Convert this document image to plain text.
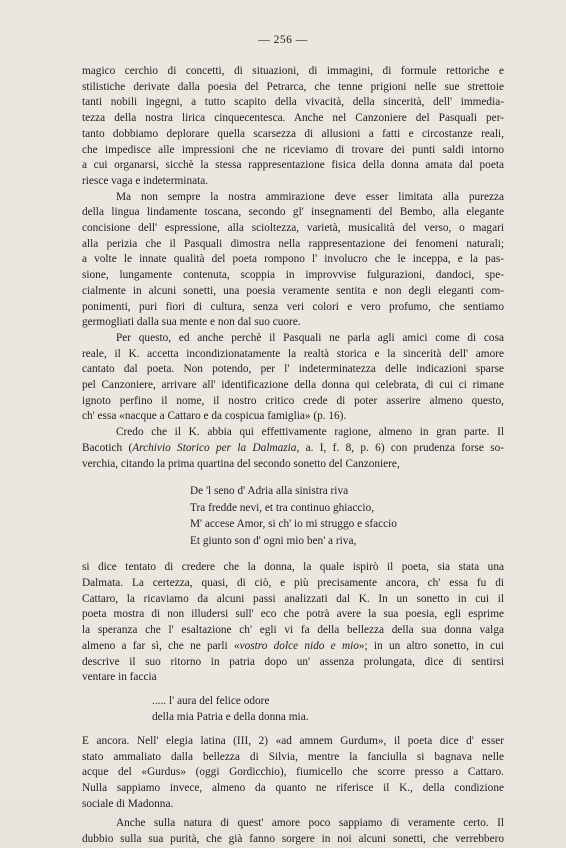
— 256 —

magico cerchio di concetti, di situazioni, di immagini, di formule rettoriche e
stilistiche derivate dalla poesia del Petrarca, che tenne prigioni nelle sue strettoie
tanti nobili ingegni, a tutto scapito della vivacità, della sincerità, dell' immedia-
tezza della nostra lirica cinquecentesca. Anche nel Canzoniere del Pasquali per-
tanto dobbiamo deplorare quella scarsezza di allusioni a fatti e circostanze reali,
che impedisce alle impressioni che ne riceviamo di trovare dei punti saldi intorno
a cui organarsi, sicchè la stessa rappresentazione fisica della donna amata dal poeta
riesce vaga e indeterminata.

Ma non sempre la nostra ammirazione deve esser limitata alla purezza
della lingua lindamente toscana, secondo gl' insegnamenti del Bembo, alla elegante
concisione dell' espressione, alla scioltezza, varietà, musicalità del verso, o magari
alla perizia che il Pasquali dimostra nella rappresentazione dei fenomeni naturali;
a volte le innate qualità del poeta rompono l' involucro che le inceppa, e la pas-
sione, lungamente contenuta, scoppia in improvvise fulgurazioni, dandoci, spe-
cialmente in alcuni sonetti, una poesia veramente sentita e non degli eleganti com-
ponimenti, puri fiori di cultura, senza veri colori e vero profumo, che sentiamo
germogliati dalla sua mente e non dal suo cuore.

Per questo, ed anche perchè il Pasquali ne parla agli amici come di cosa
reale, il K. accetta incondizionatamente la realtà storica e la sincerità dell' amore
cantato dal poeta. Non potendo, per l' indeterminatezza delle indicazioni sparse
pel Canzoniere, arrivare all' identificazione della donna qui celebrata, di cui ci rimane
ignoto perfino il nome, il nostro critico crede di poter asserire almeno questo,
ch' essa «nacque a Cattaro e da cospicua famiglia» (p. 16).

Credo che il K. abbia qui effettivamente ragione, almeno in gran parte. Il
Bacotich (Archivio Storico per la Dalmazia, a. I, f. 8, p. 6) con prudenza forse so-
verchia, citando la prima quartina del secondo sonetto del Canzoniere,

De 'l seno d' Adria alla sinistra riva
Tra fredde nevi, et tra continuo ghiaccio,
M' accese Amor, si ch' io mi struggo e sfaccio
Et giunto son d' ogni mio ben' a riva,

si dice tentato di credere che la donna, la quale ispirò il poeta, sia stata una
Dalmata. La certezza, quasi, di ciò, e più precisamente ancora, ch' essa fu di
Cattaro, la ricaviamo da alcuni passi analizzati dal K. In un sonetto in cui il
poeta mostra di non illudersi sull' eco che potrà avere la sua poesia, egli esprime
la speranza che l' esaltazione ch' egli vi fa della bellezza della sua donna valga
almeno a far sì, che ne parli «vostro dolce nido e mio»; in un altro sonetto, in cui
descrive il suo ritorno in patria dopo un' assenza prolungata, dice di sentirsi
ventare in faccia

..... l' aura del felice odore
della mia Patria e della donna mia.

E ancora. Nell' elegia latina (III, 2) «ad amnem Gurdum», il poeta dice d' esser
stato ammaliato dalla bellezza di Silvia, mentre la fanciulla si bagnava nelle
acque del «Gurdus» (oggi Gordicchio), fiumicello che scorre presso a Cattaro.
Nulla sappiamo invece, almeno da quanto ne riferisce il K., della condizione
sociale di Madonna.

Anche sulla natura di quest' amore poco sappiamo di veramente certo. Il
dubbio sulla sua purità, che già fanno sorgere in noi alcuni sonetti, che verrebbero
